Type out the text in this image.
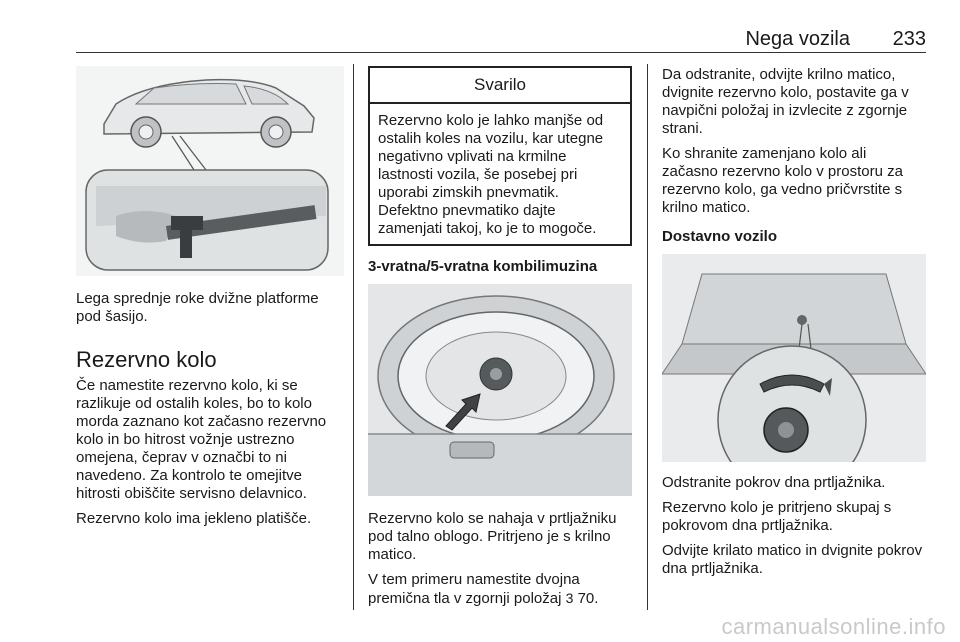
Nega vozila 233

Lega sprednje roke dvižne platforme pod šasijo.

Rezervno kolo

Če namestite rezervno kolo, ki se razlikuje od ostalih koles, bo to kolo morda zaznano kot začasno rezervno kolo in bo hitrost vožnje ustrezno omejena, čeprav v označbi to ni navedeno. Za kontrolo te omejitve hitrosti obiščite servisno delavnico.

Rezervno kolo ima jekleno platišče.

Svarilo
Rezervno kolo je lahko manjše od ostalih koles na vozilu, kar utegne negativno vplivati na krmilne lastnosti vozila, še posebej pri uporabi zimskih pnevmatik. Defektno pnevmatiko dajte zamenjati takoj, ko je to mogoče.
3-vratna/5-vratna kombilimuzina

Rezervno kolo se nahaja v prtljažniku pod talno oblogo. Pritrjeno je s krilno matico.

V tem primeru namestite dvojna premična tla v zgornji položaj 3 70.

Da odstranite, odvijte krilno matico, dvignite rezervno kolo, postavite ga v navpični položaj in izvlecite z zgornje strani.

Ko shranite zamenjano kolo ali začasno rezervno kolo v prostoru za rezervno kolo, ga vedno pričvrstite s krilno matico.

Dostavno vozilo

Odstranite pokrov dna prtljažnika.

Rezervno kolo je pritrjeno skupaj s pokrovom dna prtljažnika.

Odvijte krilato matico in dvignite pokrov dna prtljažnika.

carmanualsonline.info
